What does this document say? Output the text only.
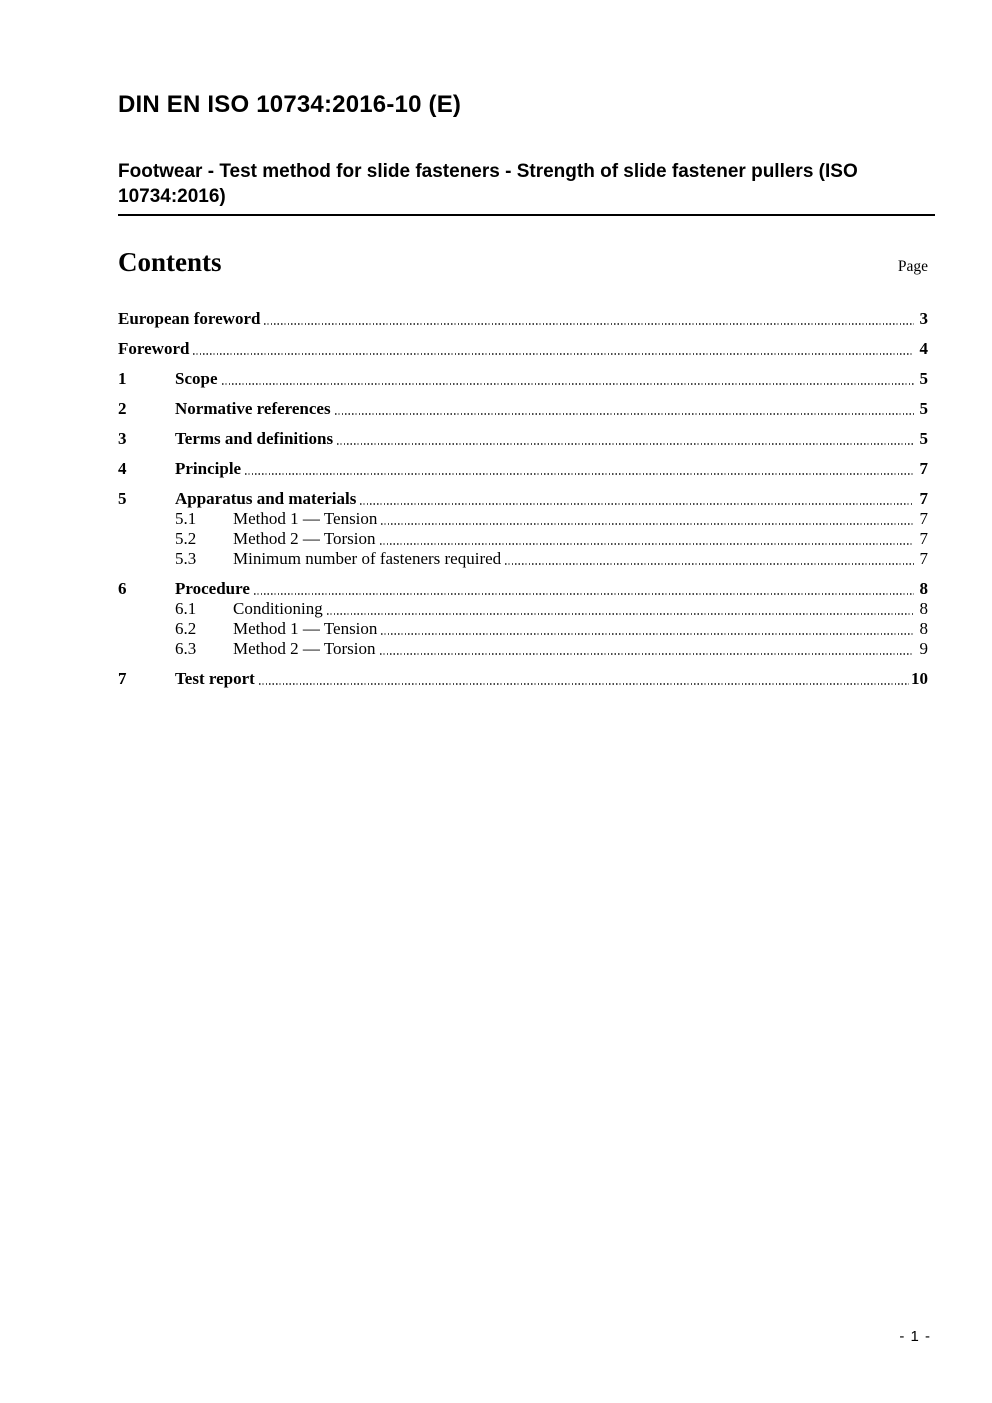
DIN EN ISO 10734:2016-10 (E)
Footwear - Test method for slide fasteners - Strength of slide fastener pullers (ISO
10734:2016)
Contents	Page
European foreword	3
Foreword	4
1	Scope	5
2	Normative references	5
3	Terms and definitions	5
4	Principle	7
5	Apparatus and materials	7
5.1	Method 1 — Tension	7
5.2	Method 2 — Torsion	7
5.3	Minimum number of fasteners required	7
6	Procedure	8
6.1	Conditioning	8
6.2	Method 1 — Tension	8
6.3	Method 2 — Torsion	9
7	Test report	10
- 1 -
